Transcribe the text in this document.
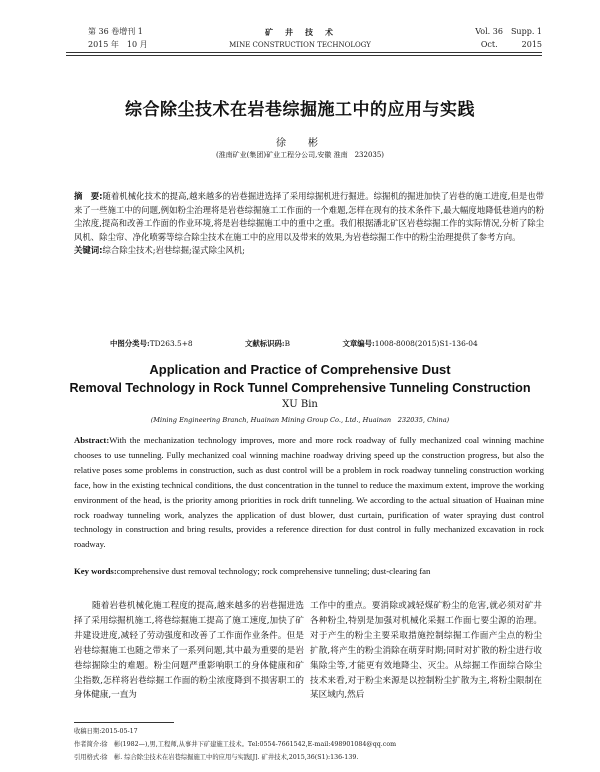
第 36 卷增刊 1
2015 年　10 月
矿　井　技　术
MINE CONSTRUCTION TECHNOLOGY
Vol. 36　Supp. 1
Oct.　　　2015
综合除尘技术在岩巷综掘施工中的应用与实践
徐　彬
(淮南矿业(集团)矿业工程分公司,安徽 淮南　232035)
摘　要:随着机械化技术的提高,越来越多的岩巷掘进选择了采用综掘机进行掘进。综掘机的掘进加快了岩巷的施工进度,但是也带来了一些施工中的问题,例如粉尘治理将是岩巷综掘施工工作面的一个难题,怎样在现有的技术条件下,最大幅度地降低巷道内的粉尘浓度,提高和改善工作面的作业环境,将是岩巷综掘施工中的重中之重。我们根据潘北矿区岩巷综掘工作的实际情况,分析了除尘风机、除尘帘、净化喷雾等综合除尘技术在施工中的应用以及带来的效果,为岩巷综掘工作中的粉尘治理提供了参考方向。
关键词:综合除尘技术;岩巷综掘;湿式除尘风机;
中图分类号:TD263.5+8	文献标识码:B	文章编号:1008-8008(2015)S1-136-04
Application and Practice of Comprehensive Dust
Removal Technology in Rock Tunnel Comprehensive Tunneling Construction
XU Bin
(Mining Engineering Branch, Huainan Mining Group Co., Ltd., Huainan　232035, China)
Abstract:With the mechanization technology improves, more and more rock roadway of fully mechanized coal winning machine chooses to use tunneling. Fully mechanized coal winning machine roadway driving speed up the construction progress, but also the relative poses some problems in construction, such as dust control will be a problem in rock roadway tunneling construction working face, how in the existing technical conditions, the dust concentration in the tunnel to reduce the maximum extent, improve the working environment of the head, is the priority among priorities in rock drift tunneling. We according to the actual situation of Huainan mine rock roadway tunneling work, analyzes the application of dust blower, dust curtain, purification of water spraying dust control technology in construction and bring results, provides a reference direction for dust control in fully mechanized excavation in rock roadway.
Key words:comprehensive dust removal technology; rock comprehensive tunneling; dust-clearing fan
随着岩巷机械化施工程度的提高,越来越多的岩巷掘进选择了采用综掘机施工,将巷综掘施工提高了施工速度,加快了矿井建设进度,减轻了劳动强度和改善了工作面作业条件。但是岩巷综掘施工也随之带来了一系列问题,其中最为重要的是岩巷综掘除尘的难题。粉尘问题严重影响职工的身体健康和矿尘指数,怎样将岩巷综掘工作面的粉尘浓度降到不损害职工的身体健康,一直为
工作中的重点。要消除或减轻煤矿粉尘的危害,就必须对矿井各种粉尘,特别是加强对机械化采掘工作面七要尘源的治理。对于产生的粉尘主要采取措施控制综掘工作面产尘点的粉尘扩散,将产生的粉尘消除在萌芽时期;同时对扩散的粉尘进行收集除尘等,才能更有效地降尘、灭尘。从综掘工作面综合除尘技术来看,对于粉尘来源是以控制粉尘扩散为主,将粉尘限制在某区域内,然后
收稿日期:2015-05-17
作者简介:徐　彬(1982—),男,工程师,从事井下矿建施工技术。Tel:0554-7661542,E-mail:498901084@qq.com
引用格式:徐　彬. 综合除尘技术在岩巷综掘施工中的应用与实践[J]. 矿井技术,2015,36(S1):136-139.
